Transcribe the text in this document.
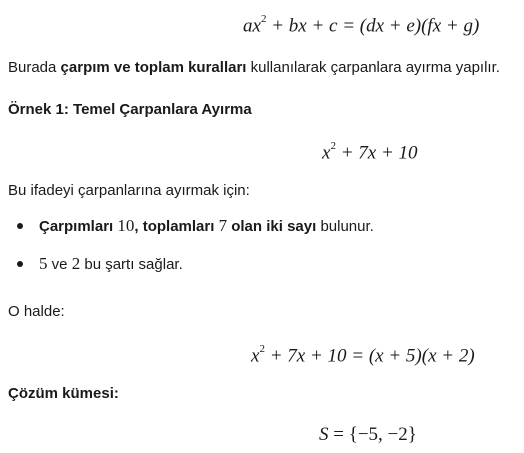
$ax^2$ + bx + c = (dx + e)(fx + g)
Burada çarpım ve toplam kuralları kullanılarak çarpanlara ayırma yapılır.
Örnek 1: Temel Çarpanlara Ayırma
$x^2 + 7x + 10$
Bu ifadeyi çarpanlarına ayırmak için:
Çarpımları 10, toplamları 7 olan iki sayı bulunur.
5 ve 2 bu şartı sağlar.
O halde:
$x^2 + 7x + 10 = (x + 5)(x + 2)$
Çözüm kümesi:
S = {−5, −2}
